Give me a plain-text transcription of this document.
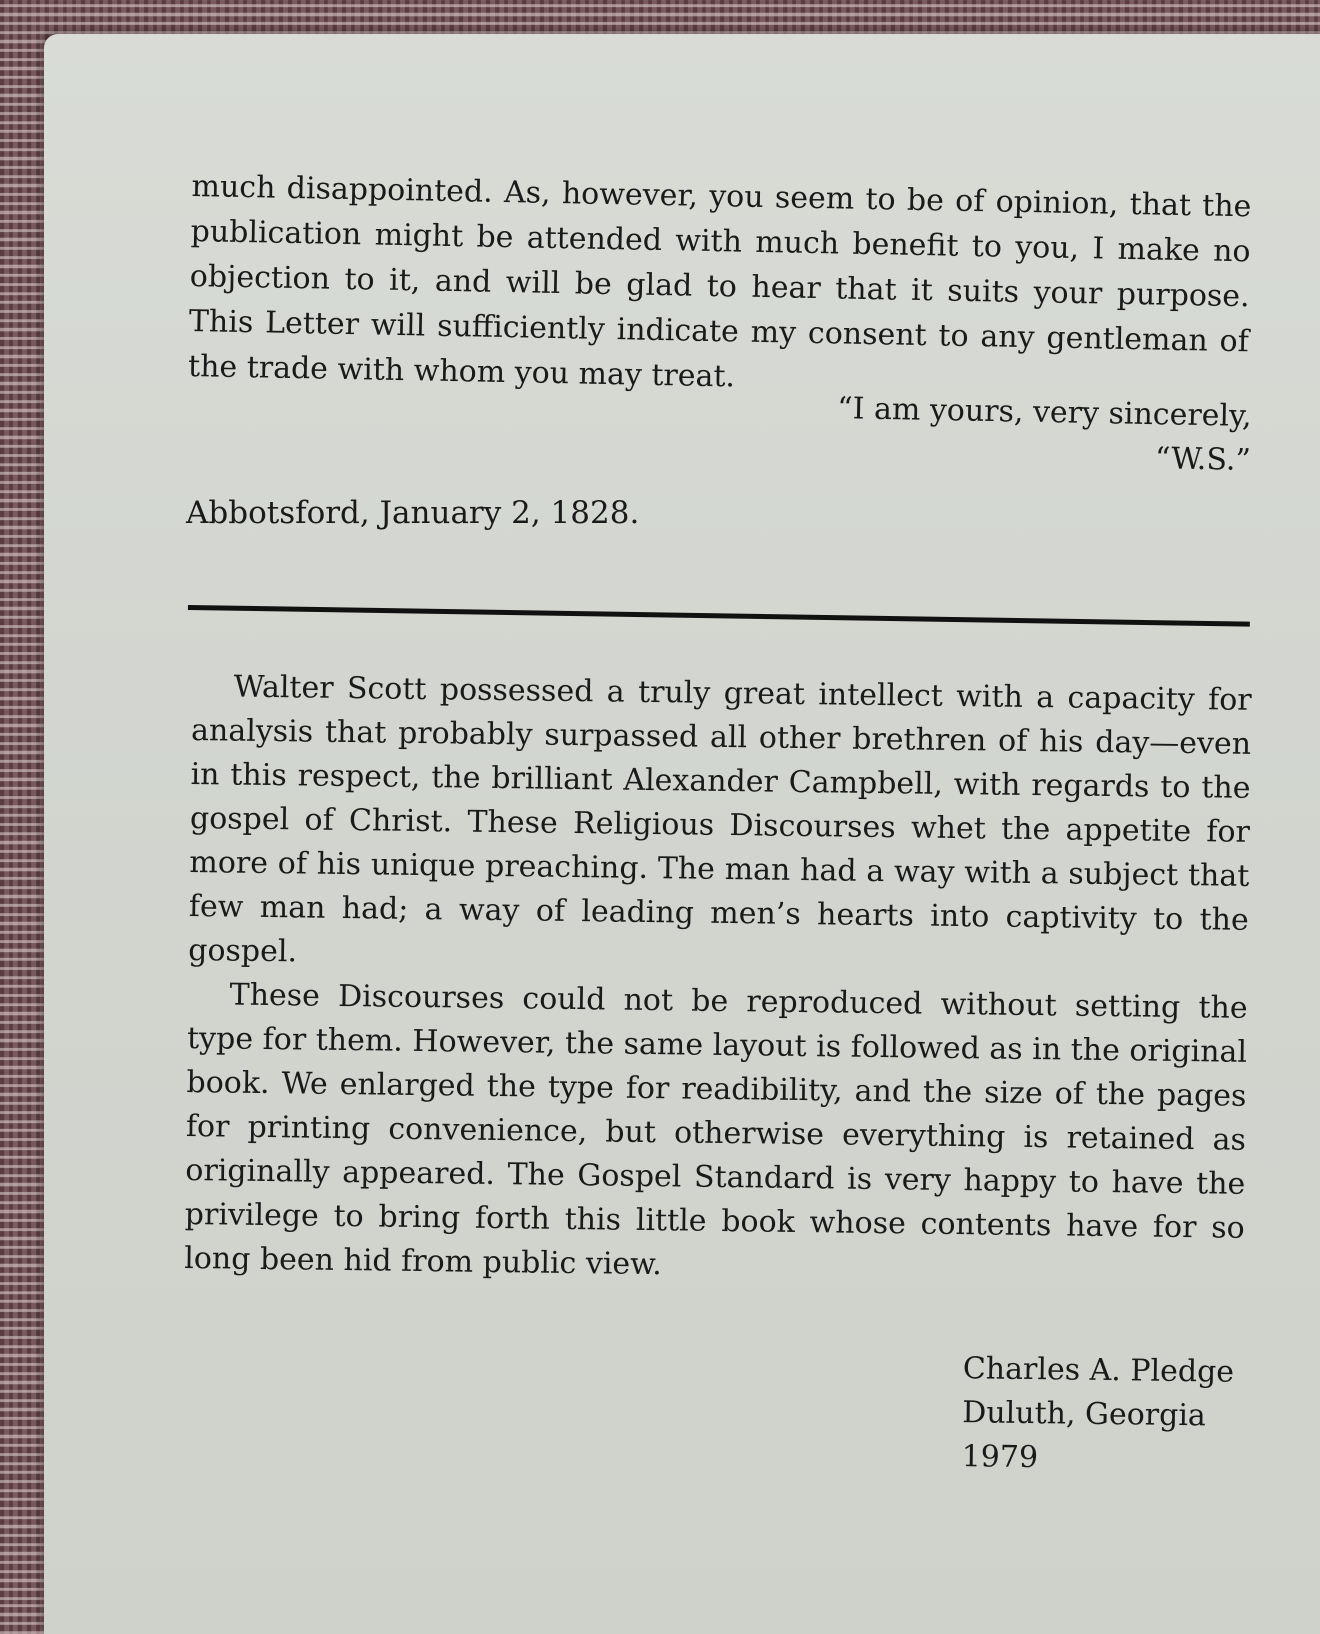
much disappointed. As, however, you seem to be of opinion, that the publication might be attended with much benefit to you, I make no objection to it, and will be glad to hear that it suits your purpose. This Letter will sufficiently indicate my consent to any gentleman of the trade with whom you may treat.

“I am yours, very sincerely,
“W.S.”
Abbotsford, January 2, 1828.

Walter Scott possessed a truly great intellect with a capacity for analysis that probably surpassed all other brethren of his day—even in this respect, the brilliant Alexander Campbell, with regards to the gospel of Christ. These Religious Discourses whet the appetite for more of his unique preaching. The man had a way with a subject that few man had; a way of leading men’s hearts into captivity to the gospel.

These Discourses could not be reproduced without setting the type for them. However, the same layout is followed as in the original book. We enlarged the type for readibility, and the size of the pages for printing convenience, but otherwise everything is retained as originally appeared. The Gospel Standard is very happy to have the privilege to bring forth this little book whose contents have for so long been hid from public view.

Charles A. Pledge
Duluth, Georgia
1979
